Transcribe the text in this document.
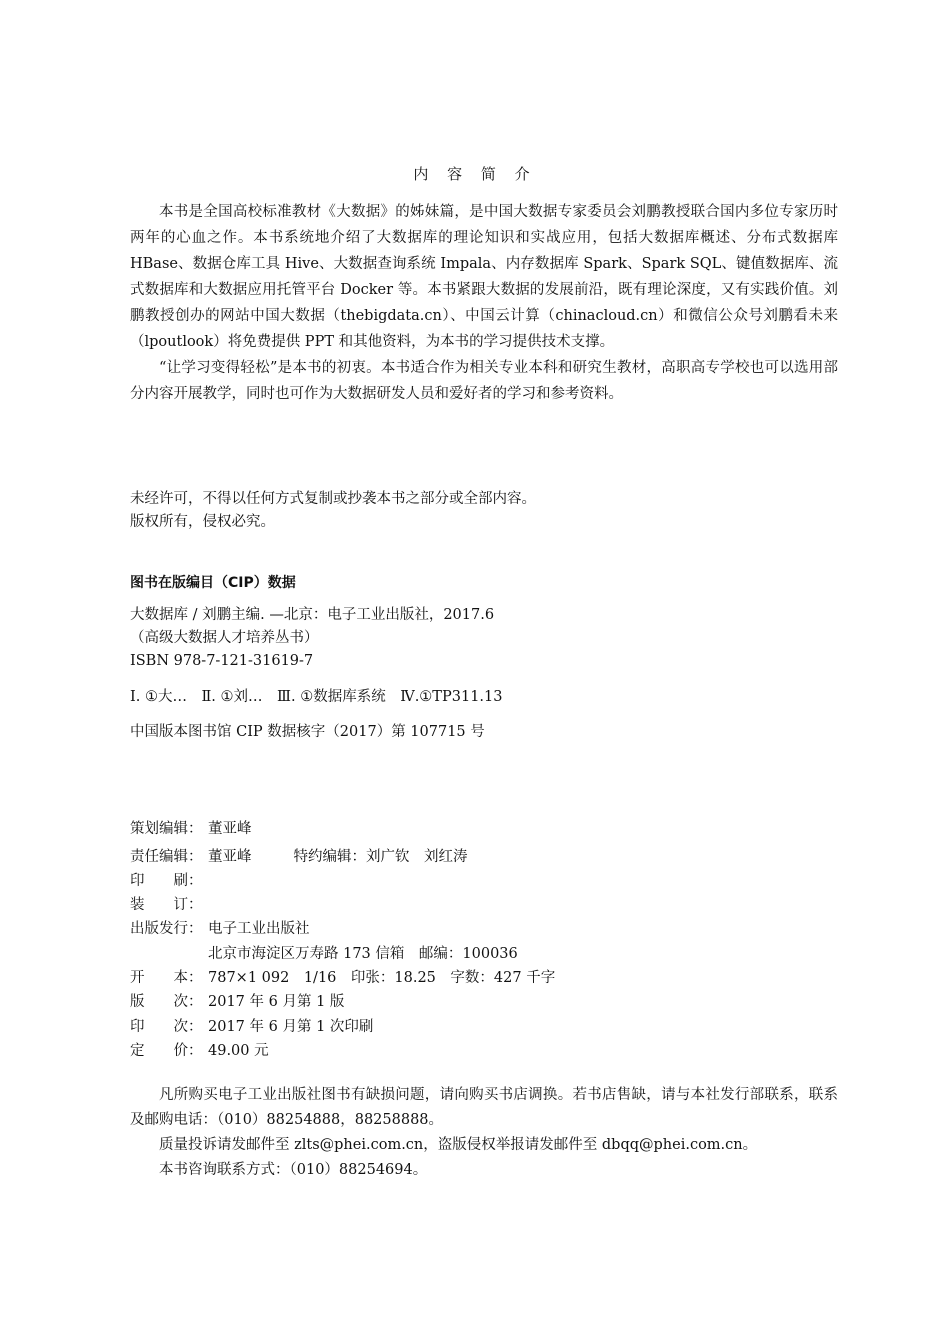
内 容 简 介

本书是全国高校标准教材《大数据》的姊妹篇，是中国大数据专家委员会刘鹏教授联合国内多位专家历时两年的心血之作。本书系统地介绍了大数据库的理论知识和实战应用，包括大数据库概述、分布式数据库 HBase、数据仓库工具 Hive、大数据查询系统 Impala、内存数据库 Spark、Spark SQL、键值数据库、流式数据库和大数据应用托管平台 Docker 等。本书紧跟大数据的发展前沿，既有理论深度，又有实践价值。刘鹏教授创办的网站中国大数据（thebigdata.cn）、中国云计算（chinacloud.cn）和微信公众号刘鹏看未来（lpoutlook）将免费提供 PPT 和其他资料，为本书的学习提供技术支撑。

“让学习变得轻松”是本书的初衷。本书适合作为相关专业本科和研究生教材，高职高专学校也可以选用部分内容开展教学，同时也可作为大数据研发人员和爱好者的学习和参考资料。

未经许可，不得以任何方式复制或抄袭本书之部分或全部内容。
版权所有，侵权必究。
图书在版编目（CIP）数据
大数据库 / 刘鹏主编. —北京：电子工业出版社，2017.6
（高级大数据人才培养丛书）
ISBN 978-7-121-31619-7
Ⅰ. ①大…　Ⅱ. ①刘…　Ⅲ. ①数据库系统　Ⅳ.①TP311.13
中国版本图书馆 CIP 数据核字（2017）第 107715 号
策划编辑： 董亚峰
责任编辑： 董亚峰	特约编辑：刘广钦　刘红涛
印　　刷：
装　　订：
出版发行： 电子工业出版社
北京市海淀区万寿路 173 信箱　邮编：100036
开　　本： 787×1 092　1/16　印张：18.25　字数：427 千字
版　　次： 2017 年 6 月第 1 版
印　　次： 2017 年 6 月第 1 次印刷
定　　价： 49.00 元

凡所购买电子工业出版社图书有缺损问题，请向购买书店调换。若书店售缺，请与本社发行部联系，联系及邮购电话：（010）88254888，88258888。

质量投诉请发邮件至 zlts@phei.com.cn，盗版侵权举报请发邮件至 dbqq@phei.com.cn。

本书咨询联系方式：（010）88254694。
